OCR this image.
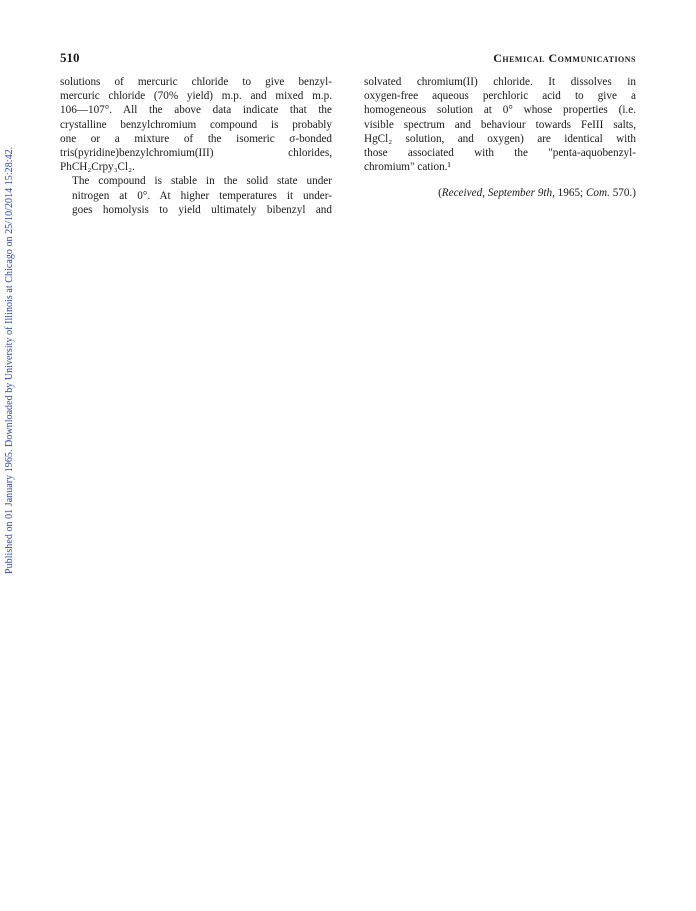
Published on 01 January 1965. Downloaded by University of Illinois at Chicago on 25/10/2014 15:28:42.
510	Chemical Communications

solutions of mercuric chloride to give benzyl-
mercuric chloride (70% yield) m.p. and mixed m.p.
106—107°. All the above data indicate that the
crystalline benzylchromium compound is probably
one or a mixture of the isomeric σ-bonded
tris(pyridine)benzylchromium(III) chlorides,
PhCH₂Crpy₃Cl₂.

The compound is stable in the solid state under
nitrogen at 0°. At higher temperatures it under-
goes homolysis to yield ultimately bibenzyl and

solvated chromium(II) chloride. It dissolves in
oxygen-free aqueous perchloric acid to give a
homogeneous solution at 0° whose properties (i.e.
visible spectrum and behaviour towards FeIII salts,
HgCl₂ solution, and oxygen) are identical with
those associated with the "penta-aquobenzyl-
chromium" cation.¹

(Received, September 9th, 1965; Com. 570.)
